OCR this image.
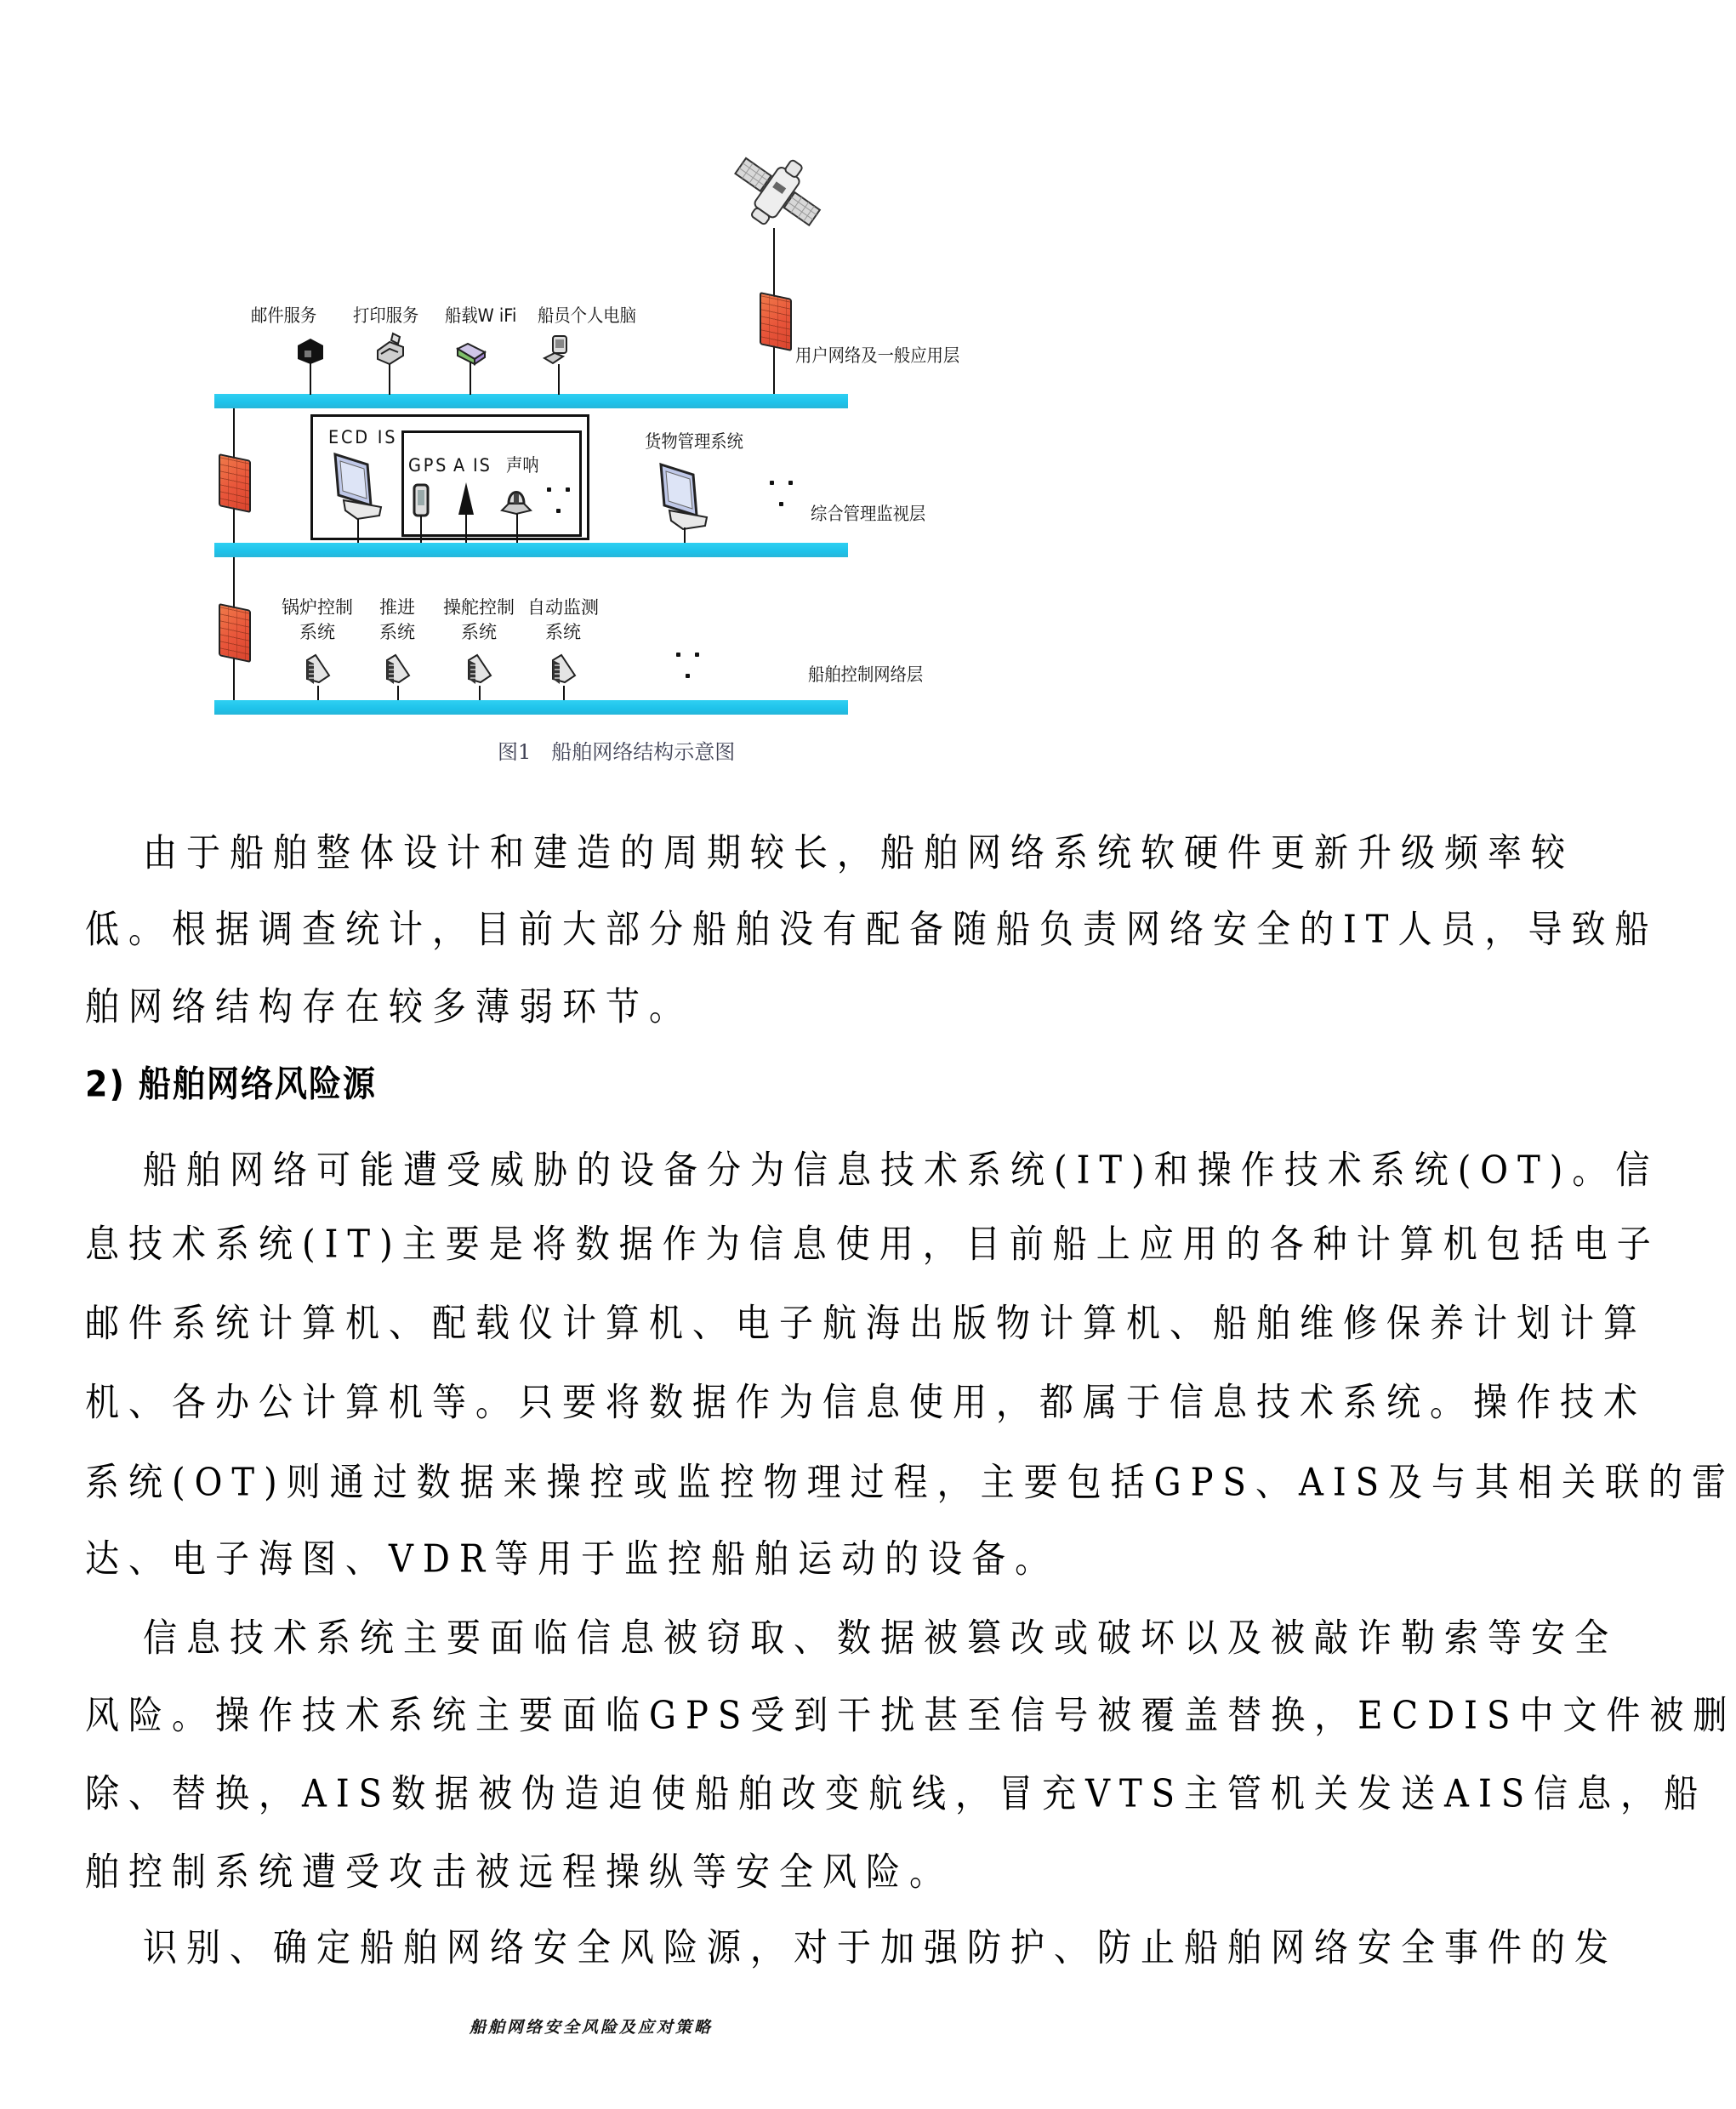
用户网络及一般应用层
邮件服务 打印服务 船载W iFi 船员个人电脑
ECD IS
GPS A IS 声呐
货物管理系统
综合管理监视层
锅炉控制
系统
推进
系统
操舵控制
系统
自动监测
系统
船舶控制网络层
图1　船舶网络结构示意图
由于船舶整体设计和建造的周期较长，船舶网络系统软硬件更新升级频率较
低。根据调查统计，目前大部分船舶没有配备随船负责网络安全的IT人员，导致船
舶网络结构存在较多薄弱环节。
2) 船舶网络风险源
船舶网络可能遭受威胁的设备分为信息技术系统(IT)和操作技术系统(OT)。信
息技术系统(IT)主要是将数据作为信息使用，目前船上应用的各种计算机包括电子
邮件系统计算机、配载仪计算机、电子航海出版物计算机、船舶维修保养计划计算
机、各办公计算机等。只要将数据作为信息使用，都属于信息技术系统。操作技术
系统(OT)则通过数据来操控或监控物理过程，主要包括GPS、AIS及与其相关联的雷
达、电子海图、VDR等用于监控船舶运动的设备。
信息技术系统主要面临信息被窃取、数据被篡改或破坏以及被敲诈勒索等安全
风险。操作技术系统主要面临GPS受到干扰甚至信号被覆盖替换，ECDIS中文件被删
除、替换，AIS数据被伪造迫使船舶改变航线，冒充VTS主管机关发送AIS信息，船
舶控制系统遭受攻击被远程操纵等安全风险。
识别、确定船舶网络安全风险源，对于加强防护、防止船舶网络安全事件的发
船舶网络安全风险及应对策略
